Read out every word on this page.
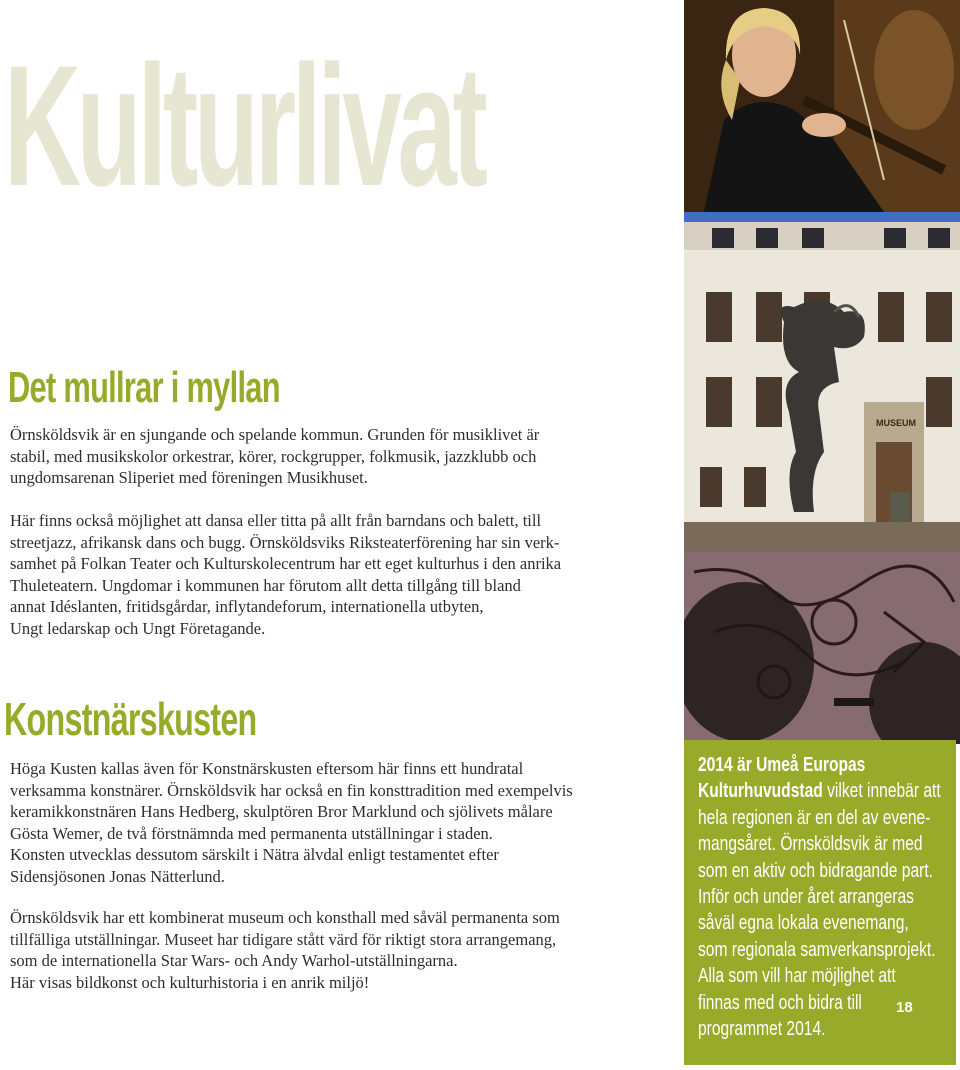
Kulturlivat
Det mullrar i myllan

Örnsköldsvik är en sjungande och spelande kommun. Grunden för musiklivet är
stabil, med musikskolor orkestrar, körer, rockgrupper, folkmusik, jazzklubb och
ungdomsarenan Sliperiet med föreningen Musikhuset.

Här finns också möjlighet att dansa eller titta på allt från barndans och balett, till
streetjazz, afrikansk dans och bugg. Örnsköldsviks Riksteaterförening har sin verk-
samhet på Folkan Teater och Kulturskolecentrum har ett eget kulturhus i den anrika
Thuleteatern. Ungdomar i kommunen har förutom allt detta tillgång till bland
annat Idéslanten, fritidsgårdar, inflytandeforum, internationella utbyten,
Ungt ledarskap och Ungt Företagande.

Konstnärskusten

Höga Kusten kallas även för Konstnärskusten eftersom här finns ett hundratal
verksamma konstnärer. Örnsköldsvik har också en fin konsttradition med exempelvis
keramikkonstnären Hans Hedberg, skulptören Bror Marklund och sjölivets målare
Gösta Wemer, de två förstnämnda med permanenta utställningar i staden.
Konsten utvecklas dessutom särskilt i Nätra älvdal enligt testamentet efter
Sidensjösonen Jonas Nätterlund.

Örnsköldsvik har ett kombinerat museum och konsthall med såväl permanenta som
tillfälliga utställningar. Museet har tidigare stått värd för riktigt stora arrangemang,
som de internationella Star Wars- och Andy Warhol-utställningarna.
Här visas bildkonst och kulturhistoria i en anrik miljö!

MUSEUM
2014 är Umeå Europas
Kulturhuvudstad vilket innebär att
hela regionen är en del av evene-
mangsåret. Örnsköldsvik är med
som en aktiv och bidragande part.
Inför och under året arrangeras
såväl egna lokala evenemang,
som regionala samverkansprojekt.
Alla som vill har möjlighet att
finnas med och bidra till
programmet 2014.
18
